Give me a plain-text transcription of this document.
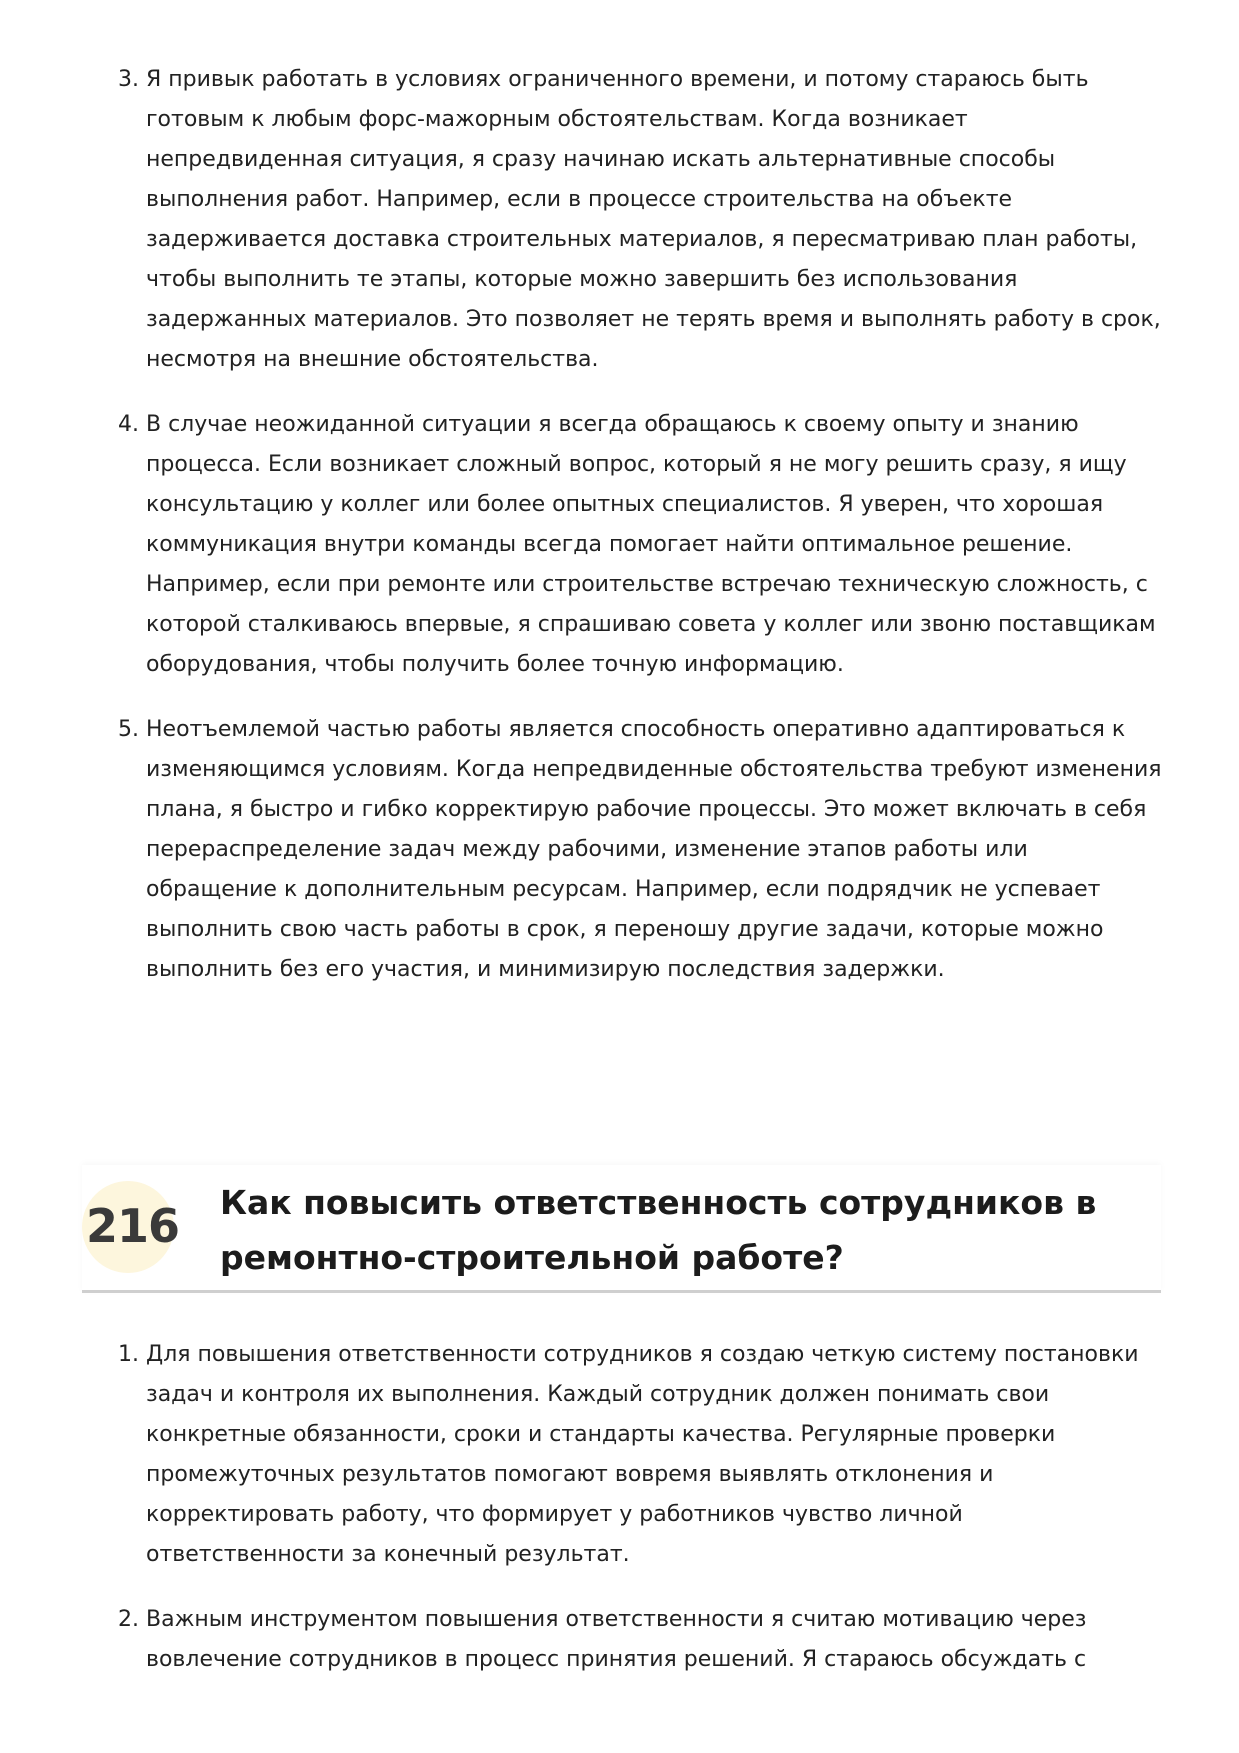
3. Я привык работать в условиях ограниченного времени, и потому стараюсь быть готовым к любым форс-мажорным обстоятельствам. Когда возникает непредвиденная ситуация, я сразу начинаю искать альтернативные способы выполнения работ. Например, если в процессе строительства на объекте задерживается доставка строительных материалов, я пересматриваю план работы, чтобы выполнить те этапы, которые можно завершить без использования задержанных материалов. Это позволяет не терять время и выполнять работу в срок, несмотря на внешние обстоятельства.
4. В случае неожиданной ситуации я всегда обращаюсь к своему опыту и знанию процесса. Если возникает сложный вопрос, который я не могу решить сразу, я ищу консультацию у коллег или более опытных специалистов. Я уверен, что хорошая коммуникация внутри команды всегда помогает найти оптимальное решение. Например, если при ремонте или строительстве встречаю техническую сложность, с которой сталкиваюсь впервые, я спрашиваю совета у коллег или звоню поставщикам оборудования, чтобы получить более точную информацию.
5. Неотъемлемой частью работы является способность оперативно адаптироваться к изменяющимся условиям. Когда непредвиденные обстоятельства требуют изменения плана, я быстро и гибко корректирую рабочие процессы. Это может включать в себя перераспределение задач между рабочими, изменение этапов работы или обращение к дополнительным ресурсам. Например, если подрядчик не успевает выполнить свою часть работы в срок, я переношу другие задачи, которые можно выполнить без его участия, и минимизирую последствия задержки.
216 Как повысить ответственность сотрудников в ремонтно-строительной работе?
1. Для повышения ответственности сотрудников я создаю четкую систему постановки задач и контроля их выполнения. Каждый сотрудник должен понимать свои конкретные обязанности, сроки и стандарты качества. Регулярные проверки промежуточных результатов помогают вовремя выявлять отклонения и корректировать работу, что формирует у работников чувство личной ответственности за конечный результат.
2. Важным инструментом повышения ответственности я считаю мотивацию через вовлечение сотрудников в процесс принятия решений. Я стараюсь обсуждать с
